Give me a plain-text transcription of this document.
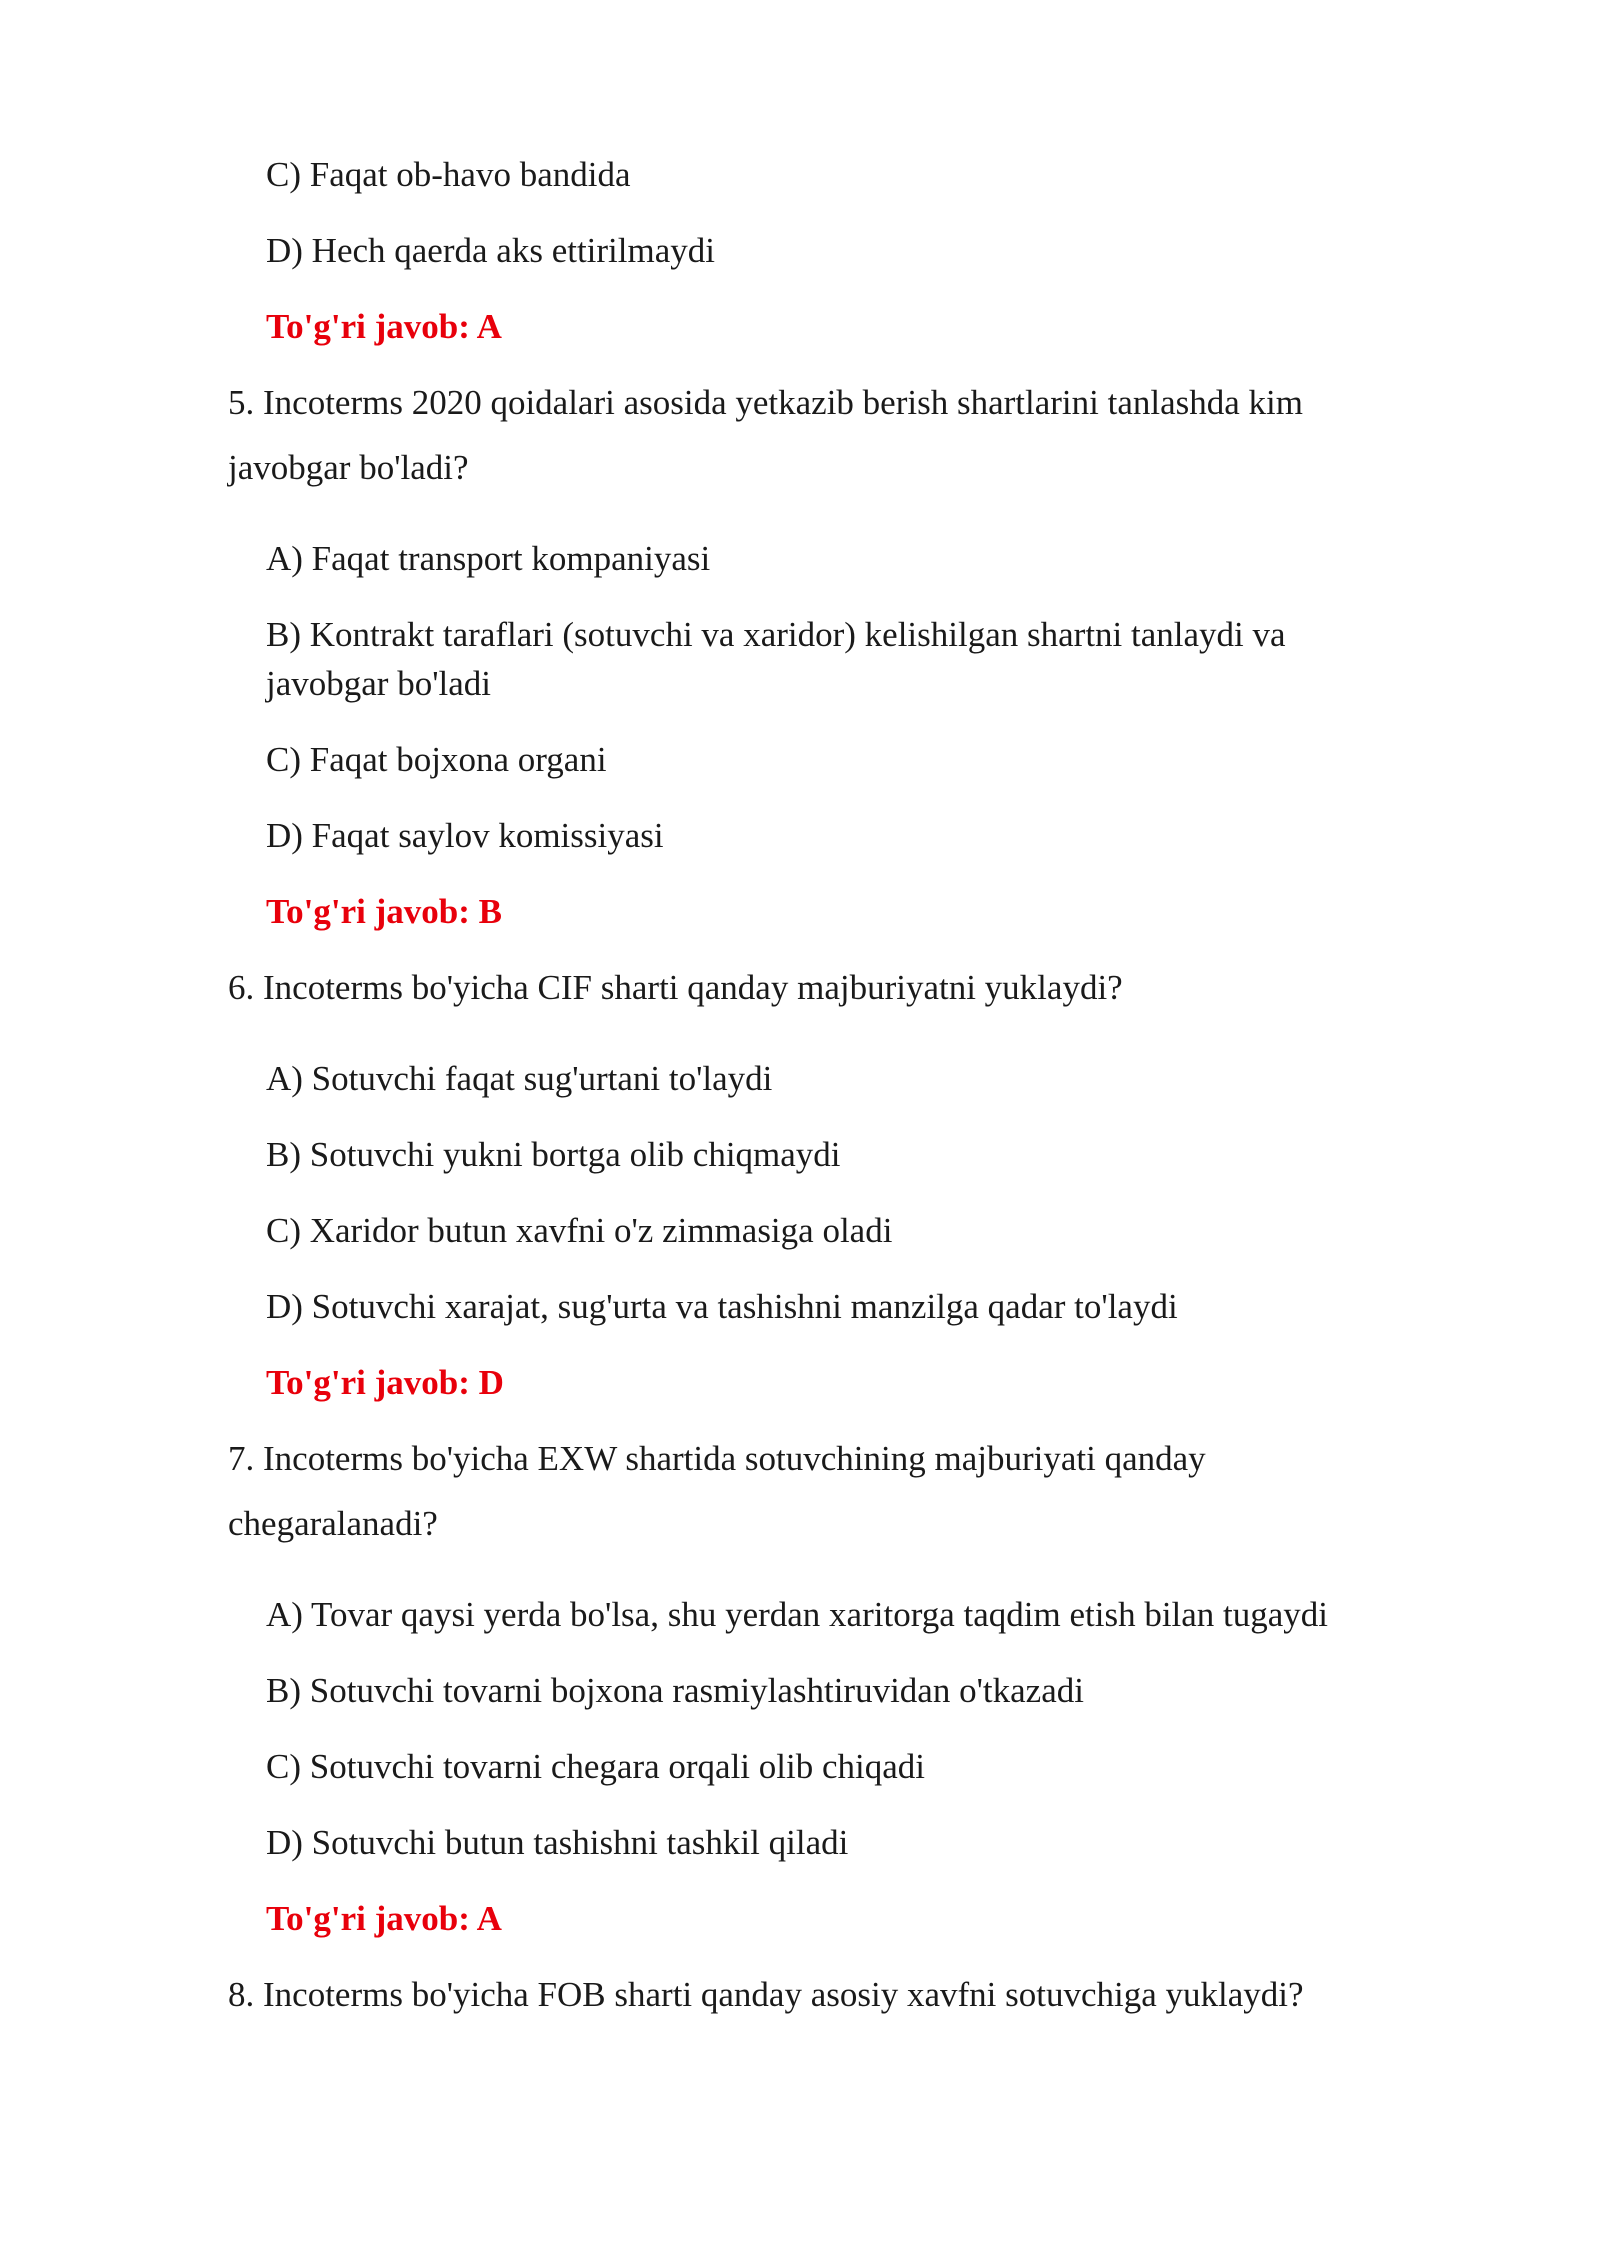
C) Faqat ob-havo bandida
D) Hech qaerda aks ettirilmaydi
To'g'ri javob: A
5. Incoterms 2020 qoidalari asosida yetkazib berish shartlarini tanlashda kim
javobgar bo'ladi?
A) Faqat transport kompaniyasi
B) Kontrakt taraflari (sotuvchi va xaridor) kelishilgan shartni tanlaydi va
javobgar bo'ladi
C) Faqat bojxona organi
D) Faqat saylov komissiyasi
To'g'ri javob: B
6. Incoterms bo'yicha CIF sharti qanday majburiyatni yuklaydi?
A) Sotuvchi faqat sug'urtani to'laydi
B) Sotuvchi yukni bortga olib chiqmaydi
C) Xaridor butun xavfni o'z zimmasiga oladi
D) Sotuvchi xarajat, sug'urta va tashishni manzilga qadar to'laydi
To'g'ri javob: D
7. Incoterms bo'yicha EXW shartida sotuvchining majburiyati qanday
chegaralanadi?
A) Tovar qaysi yerda bo'lsa, shu yerdan xaritorga taqdim etish bilan tugaydi
B) Sotuvchi tovarni bojxona rasmiylashtiruvidan o'tkazadi
C) Sotuvchi tovarni chegara orqali olib chiqadi
D) Sotuvchi butun tashishni tashkil qiladi
To'g'ri javob: A
8. Incoterms bo'yicha FOB sharti qanday asosiy xavfni sotuvchiga yuklaydi?
